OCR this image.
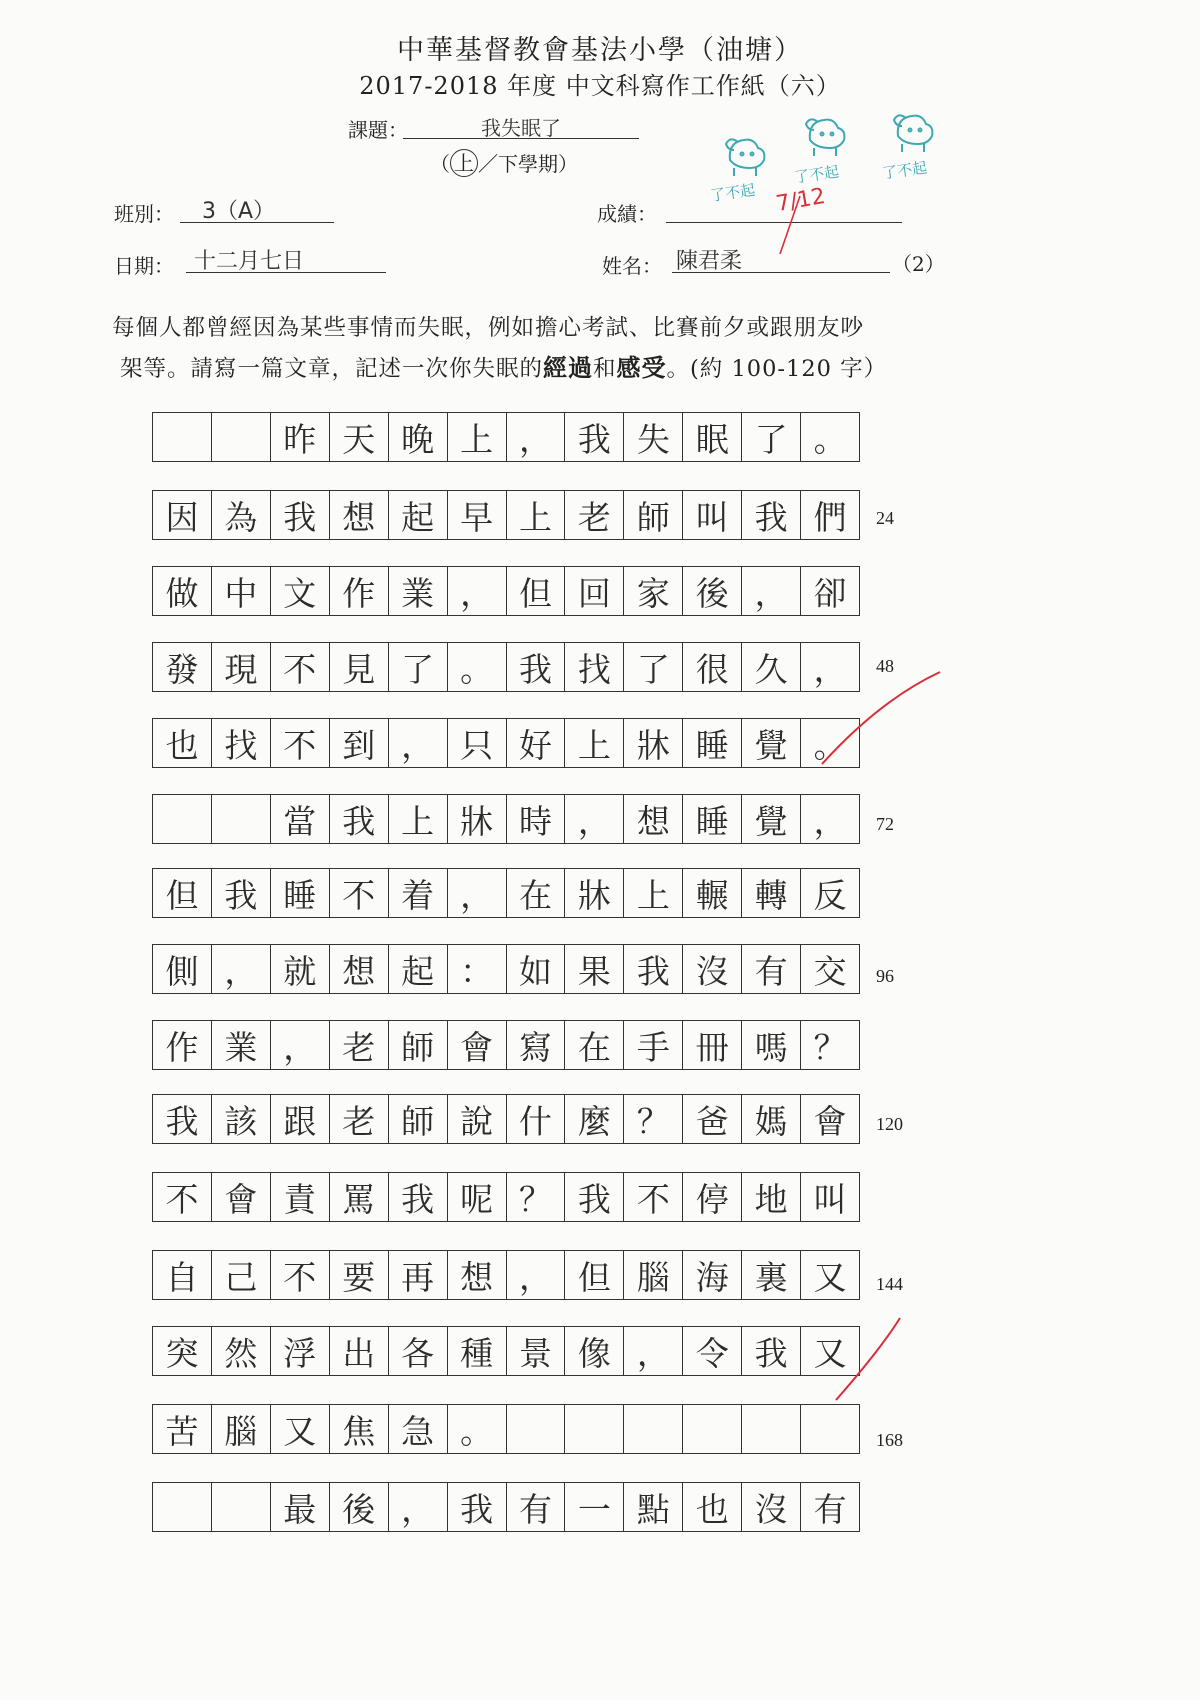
中華基督教會基法小學（油塘）
2017-2018 年度 中文科寫作工作紙（六）
課題：	我失眠了
（ 上 ／下學期）
了不起
了不起	了不起
班別：	3（A）
日期： 十二月七日
成績：	7/12
姓名： 陳君柔	（2）
每個人都曾經因為某些事情而失眠，例如擔心考試、比賽前夕或跟朋友吵
架等。請寫一篇文章，記述一次你失眠的經過和感受。(約 100-120 字）
昨 天 晚 上 ， 我 失 眠 了 。
因 為 我 想 起 早 上 老 師 叫 我 們
做 中 文 作 業 ， 但 回 家 後 ， 卻
發 現 不 見 了 。 我 找 了 很 久 ，
也 找 不 到 ， 只 好 上 牀 睡 覺 。
當 我 上 牀 時 ， 想 睡 覺 ，
但 我 睡 不 着 ， 在 牀 上 輾 轉 反
側 ， 就 想 起 ： 如 果 我 沒 有 交
作 業 ， 老 師 會 寫 在 手 冊 嗎 ？
我 該 跟 老 師 說 什 麼 ？ 爸 媽 會
不 會 責 罵 我 呢 ？ 我 不 停 地 叫
自 己 不 要 再 想 ， 但 腦 海 裏 又
突 然 浮 出 各 種 景 像 ， 令 我 又
苦 腦 又 焦 急 。
最 後 ， 我 有 一 點 也 沒 有
24
48
72
96
120
144
168
